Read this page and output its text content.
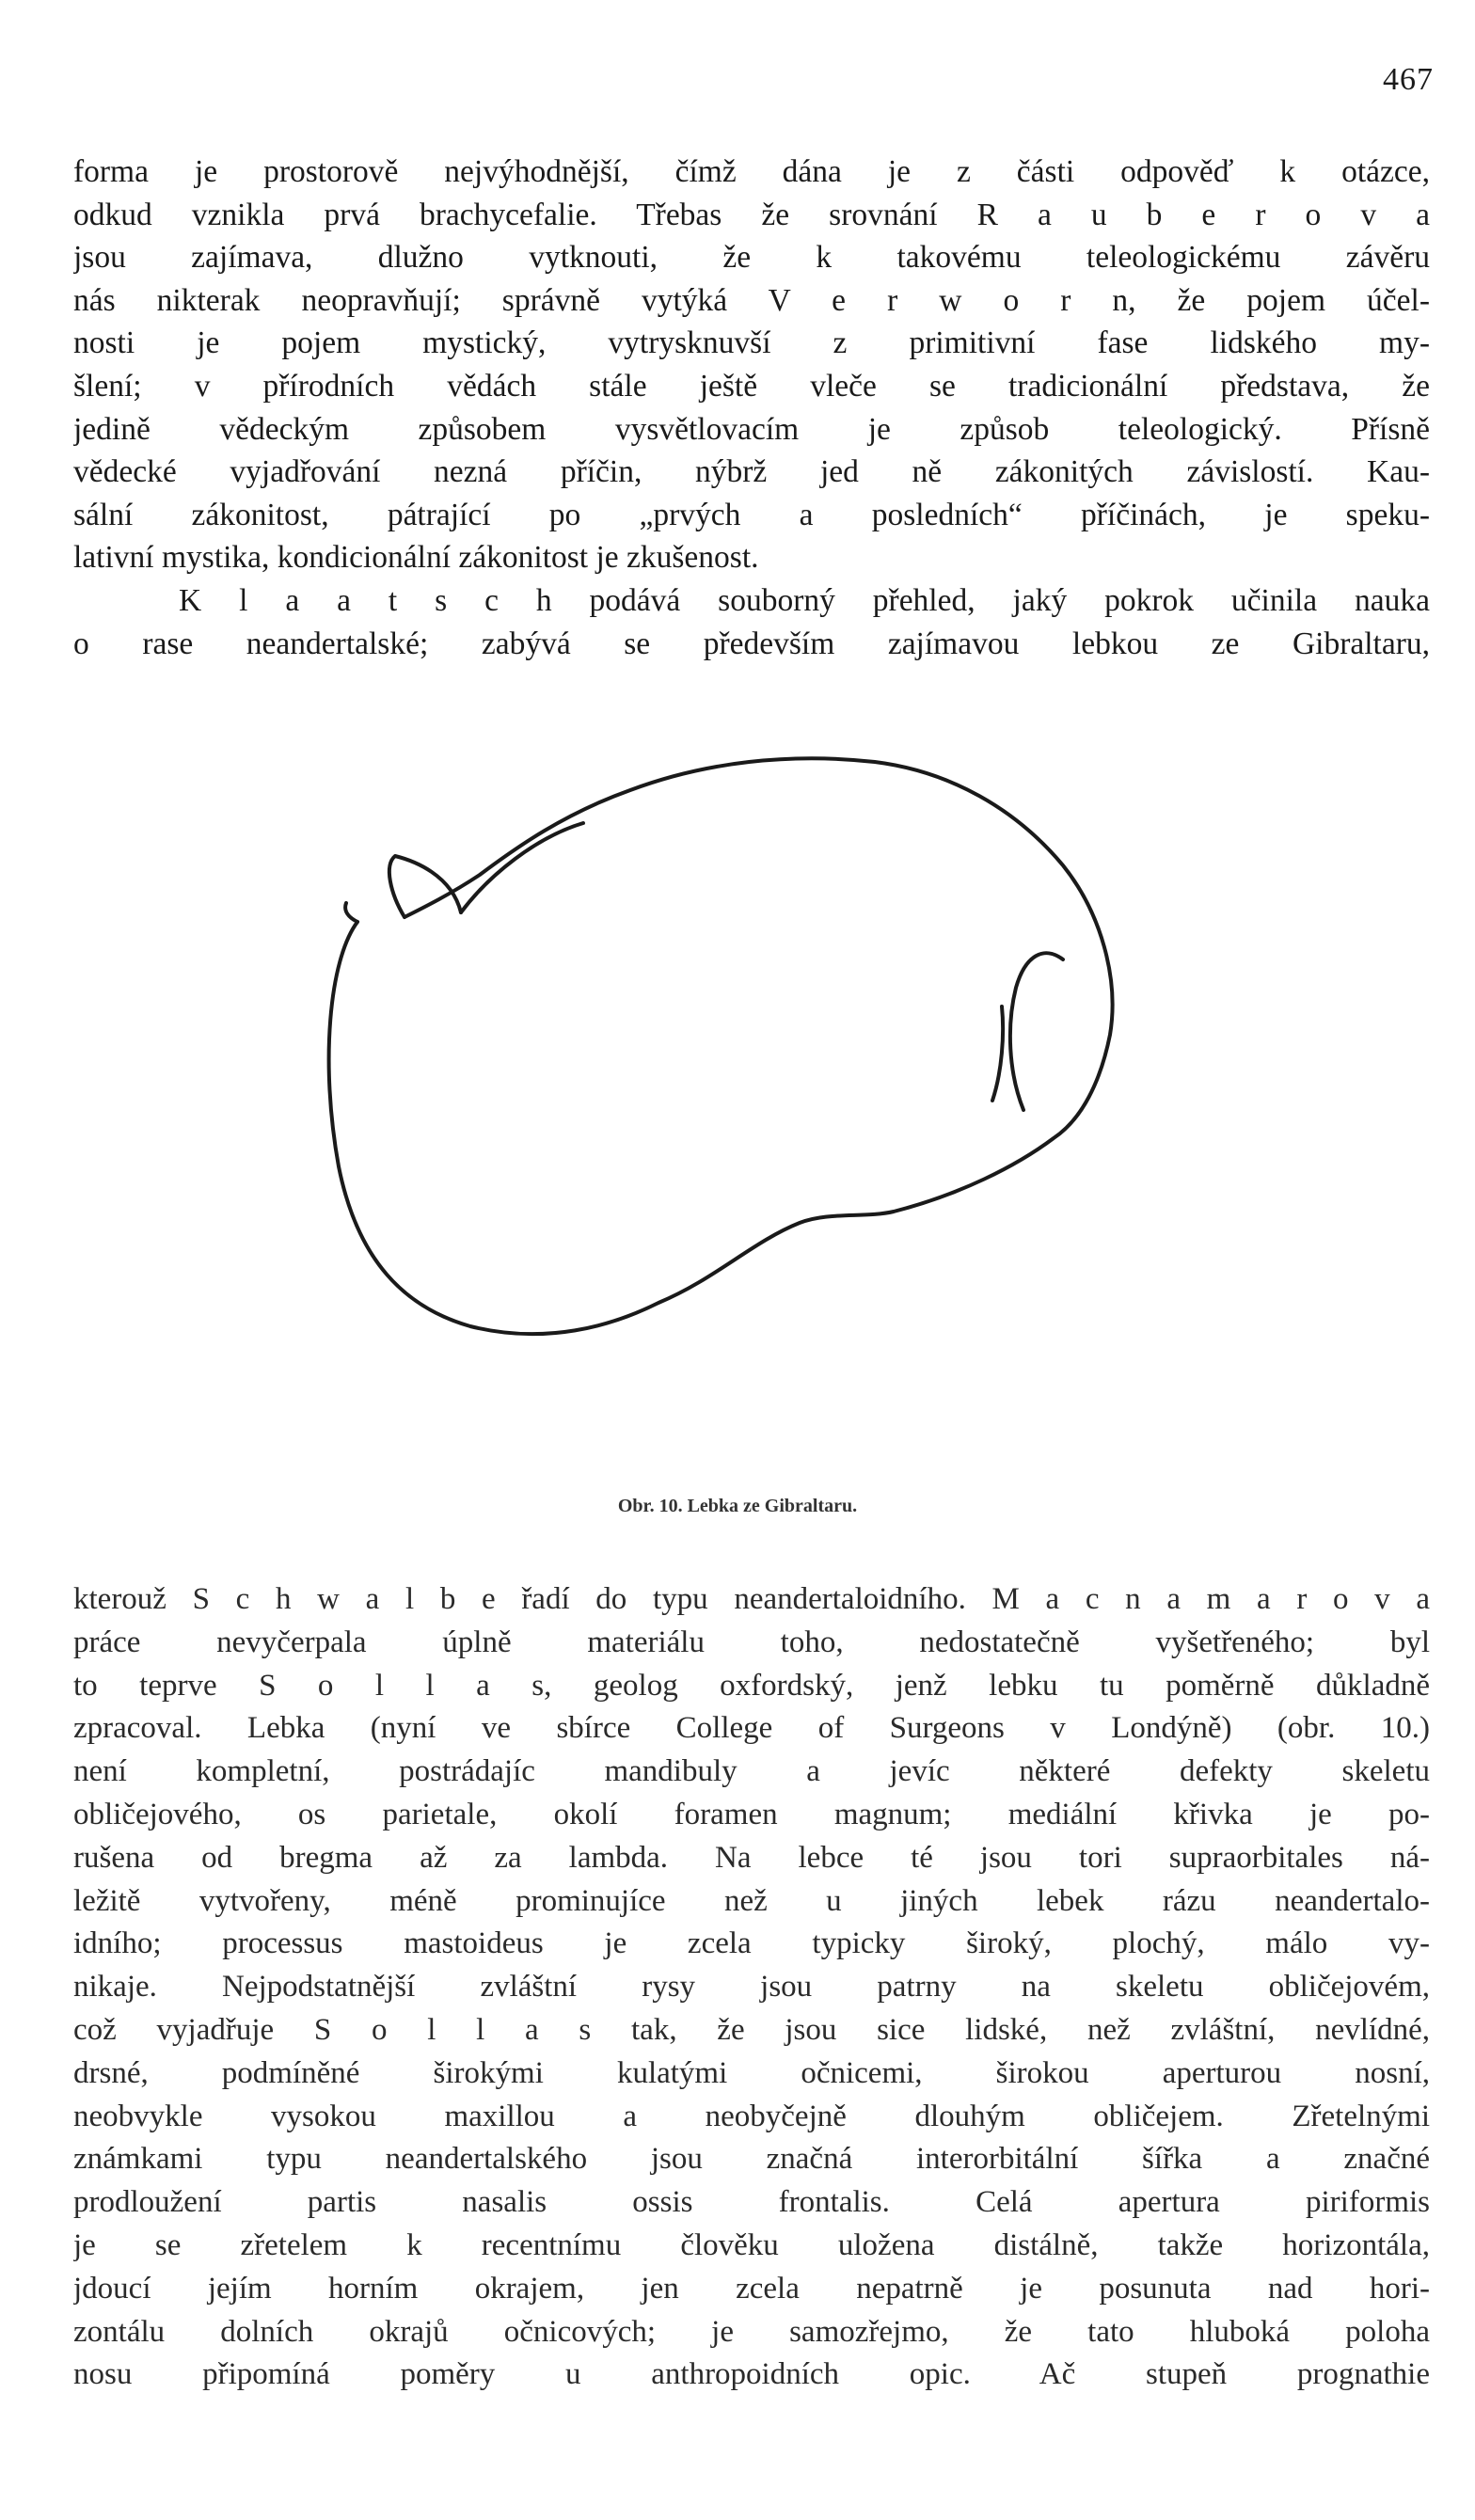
467
forma je prostorově nejvýhodnější, čímž dána je z části odpověď k otázce,
odkud vznikla prvá brachycefalie. Třebas že srovnání R a u b e r o v a
jsou zajímava, dlužno vytknouti, že k takovému teleologickému závěru
nás nikterak neopravňují; správně vytýká V e r w o r n, že pojem účel-
nosti je pojem mystický, vytrysknuvší z primitivní fase lidského my-
šlení; v přírodních vědách stále ještě vleče se tradicionální představa, že
jedině vědeckým způsobem vysvětlovacím je způsob teleologický. Přísně
vědecké vyjadřování nezná příčin, nýbrž jed ně zákonitých závislostí. Kau-
sální zákonitost, pátrající po „prvých a posledních“ příčinách, je speku-
lativní mystika, kondicionální zákonitost je zkušenost.
K l a a t s c h podává souborný přehled, jaký pokrok učinila nauka
o rase neandertalské; zabývá se především zajímavou lebkou ze Gibraltaru,
Obr. 10. Lebka ze Gibraltaru.
kterouž S c h w a l b e řadí do typu neandertaloidního. M a c n a m a r o v a
práce nevyčerpala úplně materiálu toho, nedostatečně vyšetřeného; byl
to teprve S o l l a s, geolog oxfordský, jenž lebku tu poměrně důkladně
zpracoval. Lebka (nyní ve sbírce College of Surgeons v Londýně) (obr. 10.)
není kompletní, postrádajíc mandibuly a jevíc některé defekty skeletu
obličejového, os parietale, okolí foramen magnum; mediální křivka je po-
rušena od bregma až za lambda. Na lebce té jsou tori supraorbitales ná-
ležitě vytvořeny, méně prominujíce než u jiných lebek rázu neandertalo-
idního; processus mastoideus je zcela typicky široký, plochý, málo vy-
nikaje. Nejpodstatnější zvláštní rysy jsou patrny na skeletu obličejovém,
což vyjadřuje S o l l a s tak, že jsou sice lidské, než zvláštní, nevlídné,
drsné, podmíněné širokými kulatými očnicemi, širokou aperturou nosní,
neobvykle vysokou maxillou a neobyčejně dlouhým obličejem. Zřetelnými
známkami typu neandertalského jsou značná interorbitální šířka a značné
prodloužení partis nasalis ossis frontalis. Celá apertura piriformis
je se zřetelem k recentnímu člověku uložena distálně, takže horizontála,
jdoucí jejím horním okrajem, jen zcela nepatrně je posunuta nad hori-
zontálu dolních okrajů očnicových; je samozřejmo, že tato hluboká poloha
nosu připomíná poměry u anthropoidních opic. Ač stupeň prognathie
